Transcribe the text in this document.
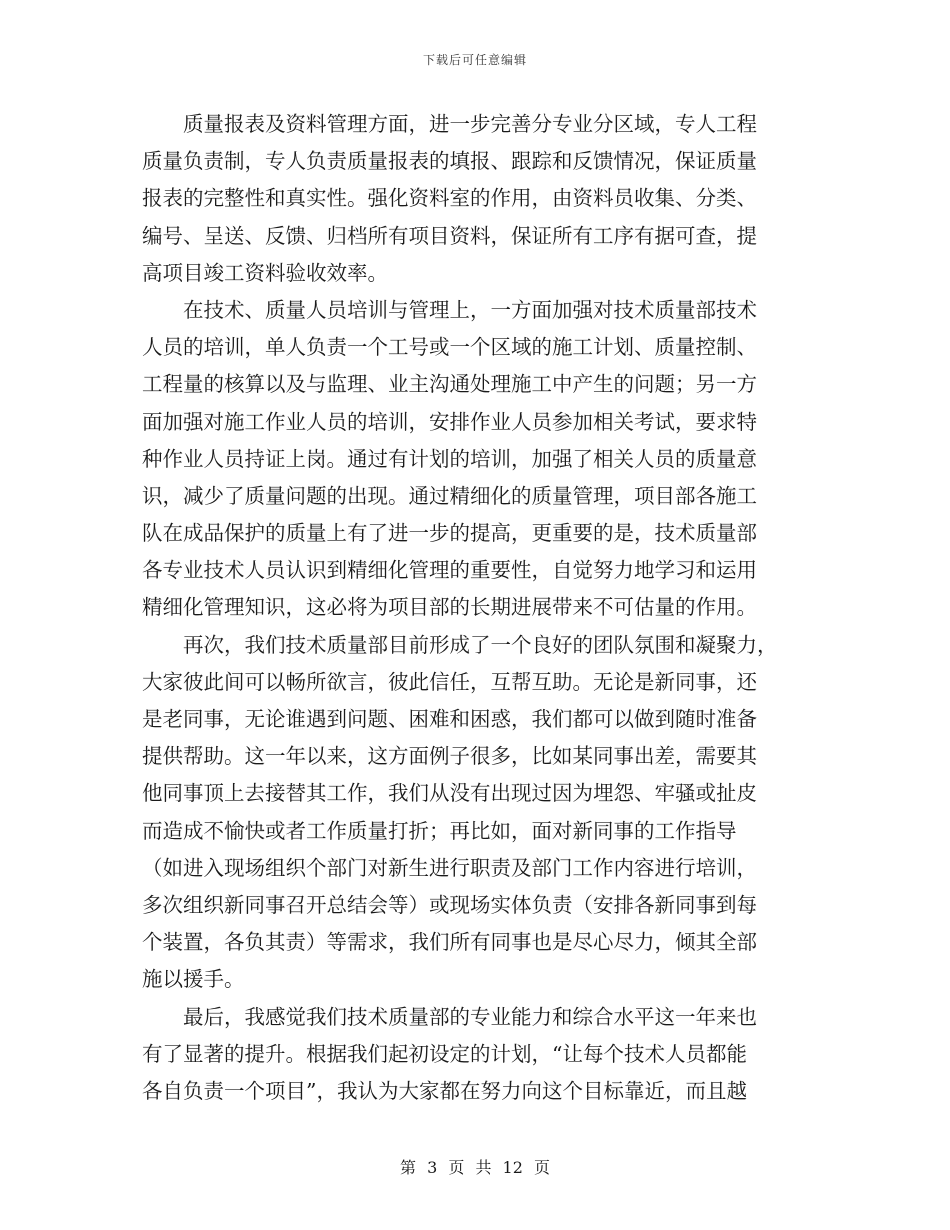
下载后可任意编辑
　　质量报表及资料管理方面，进一步完善分专业分区域，专人工程
质量负责制，专人负责质量报表的填报、跟踪和反馈情况，保证质量
报表的完整性和真实性。强化资料室的作用，由资料员收集、分类、
编号、呈送、反馈、归档所有项目资料，保证所有工序有据可查，提
高项目竣工资料验收效率。
　　在技术、质量人员培训与管理上，一方面加强对技术质量部技术
人员的培训，单人负责一个工号或一个区域的施工计划、质量控制、
工程量的核算以及与监理、业主沟通处理施工中产生的问题；另一方
面加强对施工作业人员的培训，安排作业人员参加相关考试，要求特
种作业人员持证上岗。通过有计划的培训，加强了相关人员的质量意
识，减少了质量问题的出现。通过精细化的质量管理，项目部各施工
队在成品保护的质量上有了进一步的提高，更重要的是，技术质量部
各专业技术人员认识到精细化管理的重要性，自觉努力地学习和运用
精细化管理知识，这必将为项目部的长期进展带来不可估量的作用。
　　再次，我们技术质量部目前形成了一个良好的团队氛围和凝聚力，
大家彼此间可以畅所欲言，彼此信任，互帮互助。无论是新同事，还
是老同事，无论谁遇到问题、困难和困惑，我们都可以做到随时准备
提供帮助。这一年以来，这方面例子很多，比如某同事出差，需要其
他同事顶上去接替其工作，我们从没有出现过因为埋怨、牢骚或扯皮
而造成不愉快或者工作质量打折；再比如，面对新同事的工作指导
（如进入现场组织个部门对新生进行职责及部门工作内容进行培训，
多次组织新同事召开总结会等）或现场实体负责（安排各新同事到每
个装置，各负其责）等需求，我们所有同事也是尽心尽力，倾其全部
施以援手。
　　最后，我感觉我们技术质量部的专业能力和综合水平这一年来也
有了显著的提升。根据我们起初设定的计划，“让每个技术人员都能
各自负责一个项目”，我认为大家都在努力向这个目标靠近，而且越
第 3 页 共 12 页
